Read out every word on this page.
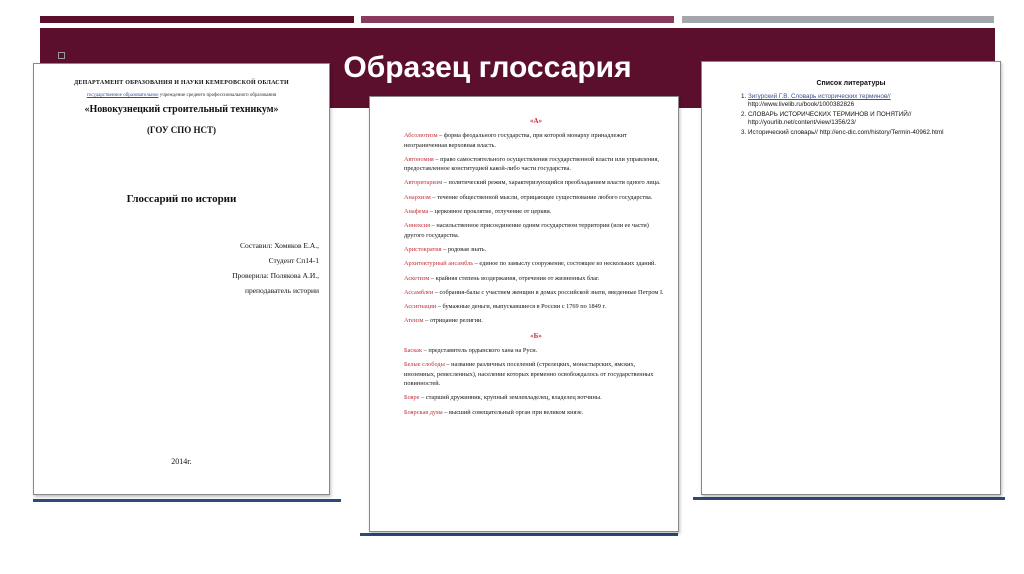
Образец глоссария
ДЕПАРТАМЕНТ ОБРАЗОВАНИЯ И НАУКИ КЕМЕРОВСКОЙ ОБЛАСТИ
государственное образовательное учреждение среднего профессионального образования
«Новокузнецкий строительный техникум»
(ГОУ СПО НСТ)
Глоссарий по истории
Составил: Хомяков Е.А.,
Студент Сп14-1
Проверила: Полякова А.И.,
преподаватель истории
2014г.
«А»
Абсолютизм – форма феодального государства, при которой монарху принадлежит неограниченная верховная власть.
Автономия – право самостоятельного осуществления государственной власти или управления, предоставленное конституцией какой-либо части государства.
Авторитаризм – политический режим, характеризующийся преобладанием власти одного лица.
Анархизм – течение общественной мысли, отрицающее существование любого государства.
Анафема – церковное проклятие, отлучение от церкви.
Аннексия – насильственное присоединение одним государством территории (или ее части) другого государства.
Аристократия – родовая знать.
Архитектурный ансамбль – единое по замыслу сооружение, состоящее из нескольких зданий.
Аскетизм – крайняя степень воздержания, отречения от жизненных благ.
Ассамблеи – собрания-балы с участием женщин в домах российской знати, введенные Петром I.
Ассигнации – бумажные деньги, выпускавшиеся в России с 1769 по 1849 г.
Атеизм – отрицание религии.
«Б»
Баскак – представитель ордынского хана на Руси.
Белые слободы – название различных поселений (стрелецких, монастырских, ямских, иноземных, ремесленных), население которых временно освобождалось от государственных повинностей.
Бояре – старший дружинник, крупный землевладелец, владелец вотчины.
Боярская дума – высший совещательный орган при великом князе.
Список литературы
1. Зигурский Г.В. Словарь исторических терминов// http://www.livelib.ru/book/1000382826
2. СЛОВАРЬ ИСТОРИЧЕСКИХ ТЕРМИНОВ И ПОНЯТИЙ// http://yourlib.net/content/view/1356/23/
3. Исторический словарь// http://enc-dic.com/history/Termin-40962.html
